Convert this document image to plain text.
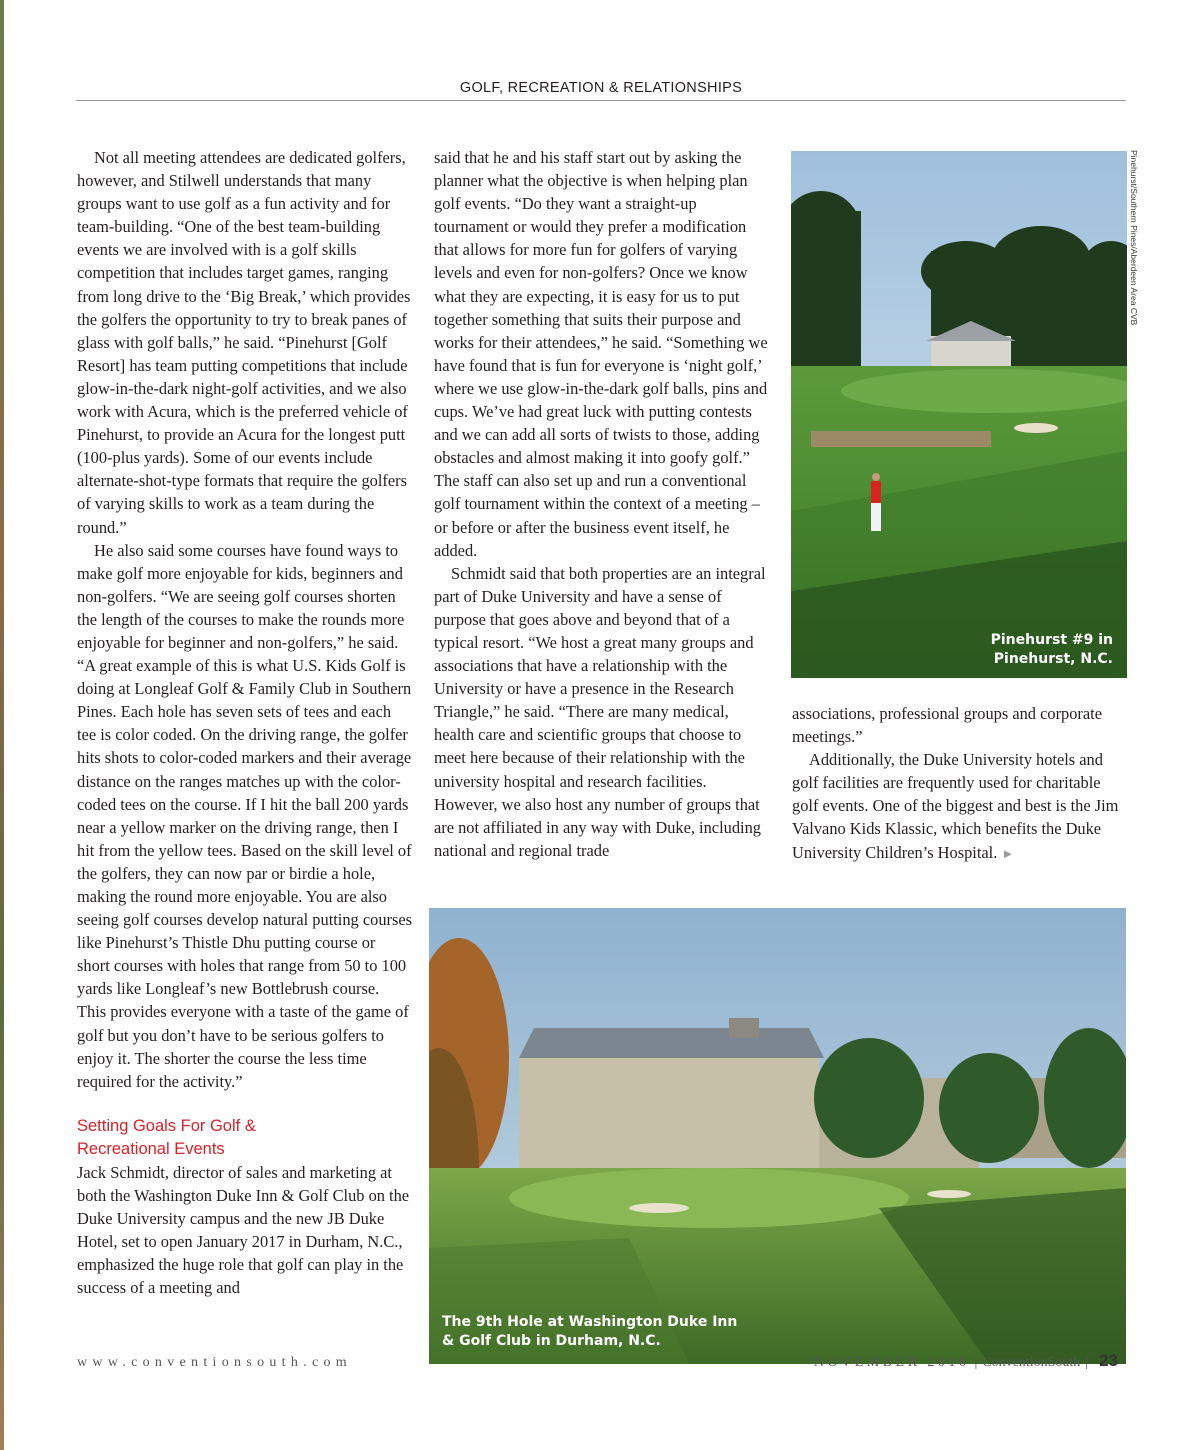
GOLF, RECREATION & RELATIONSHIPS

Not all meeting attendees are dedicated golfers, however, and Stilwell understands that many groups want to use golf as a fun activity and for team-building. “One of the best team-building events we are involved with is a golf skills competition that includes target games, ranging from long drive to the ‘Big Break,’ which provides the golfers the opportunity to try to break panes of glass with golf balls,” he said. “Pinehurst [Golf Resort] has team putting competitions that include glow-in-the-dark night-golf activities, and we also work with Acura, which is the preferred vehicle of Pinehurst, to provide an Acura for the longest putt (100-plus yards). Some of our events include alternate-shot-type formats that require the golfers of varying skills to work as a team during the round.”

He also said some courses have found ways to make golf more enjoyable for kids, beginners and non-golfers. “We are seeing golf courses shorten the length of the courses to make the rounds more enjoyable for beginner and non-golfers,” he said. “A great example of this is what U.S. Kids Golf is doing at Longleaf Golf & Family Club in Southern Pines. Each hole has seven sets of tees and each tee is color coded. On the driving range, the golfer hits shots to color-coded markers and their average distance on the ranges matches up with the color-coded tees on the course. If I hit the ball 200 yards near a yellow marker on the driving range, then I hit from the yellow tees. Based on the skill level of the golfers, they can now par or birdie a hole, making the round more enjoyable. You are also seeing golf courses develop natural putting courses like Pinehurst’s Thistle Dhu putting course or short courses with holes that range from 50 to 100 yards like Longleaf’s new Bottlebrush course. This provides everyone with a taste of the game of golf but you don’t have to be serious golfers to enjoy it. The shorter the course the less time required for the activity.”

Setting Goals For Golf &
Recreational Events

Jack Schmidt, director of sales and marketing at both the Washington Duke Inn & Golf Club on the Duke University campus and the new JB Duke Hotel, set to open January 2017 in Durham, N.C., emphasized the huge role that golf can play in the success of a meeting and

said that he and his staff start out by asking the planner what the objective is when helping plan golf events. “Do they want a straight-up tournament or would they prefer a modification that allows for more fun for golfers of varying levels and even for non-golfers? Once we know what they are expecting, it is easy for us to put together something that suits their purpose and works for their attendees,” he said. “Something we have found that is fun for everyone is ‘night golf,’ where we use glow-in-the-dark golf balls, pins and cups. We’ve had great luck with putting contests and we can add all sorts of twists to those, adding obstacles and almost making it into goofy golf.” The staff can also set up and run a conventional golf tournament within the context of a meeting – or before or after the business event itself, he added.

Schmidt said that both properties are an integral part of Duke University and have a sense of purpose that goes above and beyond that of a typical resort. “We host a great many groups and associations that have a relationship with the University or have a presence in the Research Triangle,” he said. “There are many medical, health care and scientific groups that choose to meet here because of their relationship with the university hospital and research facilities. However, we also host any number of groups that are not affiliated in any way with Duke, including national and regional trade

associations, professional groups and corporate meetings.”

Additionally, the Duke University hotels and golf facilities are frequently used for charitable golf events. One of the biggest and best is the Jim Valvano Kids Klassic, which benefits the Duke University Children’s Hospital. ►

Pinehurst #9 in
Pinehurst, N.C.
Pinehurst/Southern Pines/Aberdeen Area CVB
The 9th Hole at Washington Duke Inn
& Golf Club in Durham, N.C.
www.conventionsouth.com	NOVEMBER 2016 | ConventionSouth | 23
